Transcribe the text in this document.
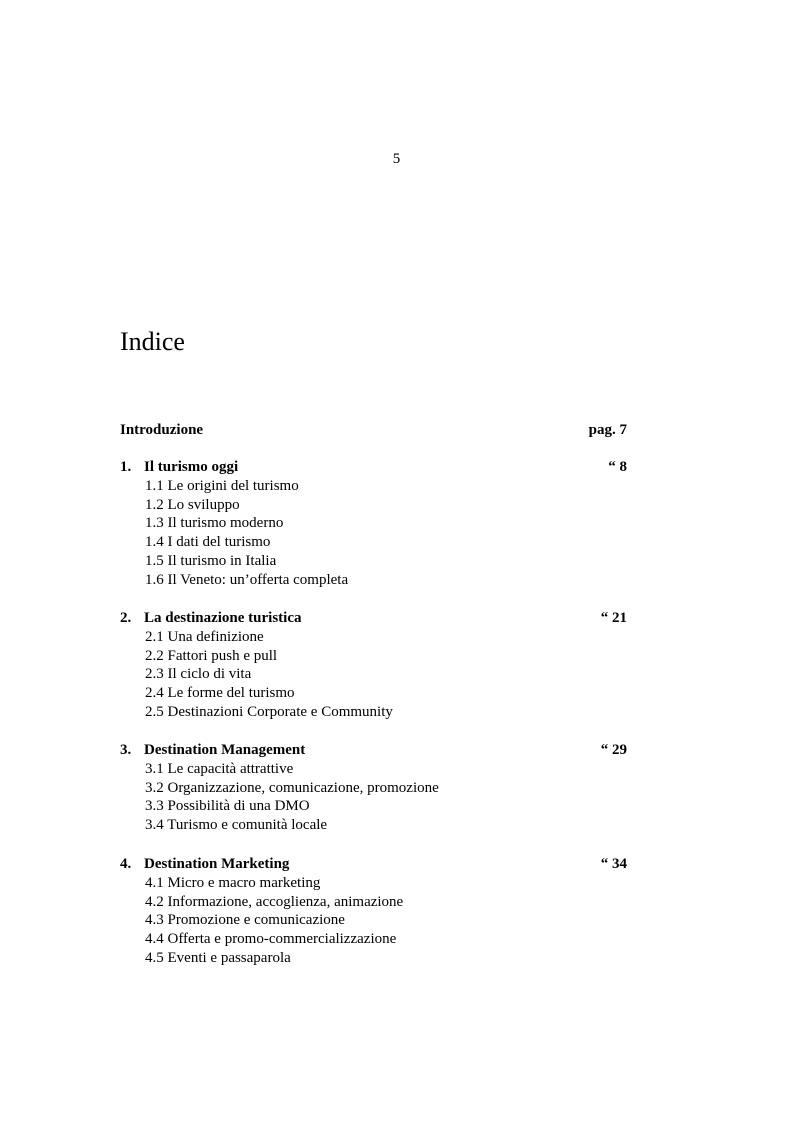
5
Indice
Introduzione	pag. 7
1. Il turismo oggi	“ 8
1.1 Le origini del turismo
1.2 Lo sviluppo
1.3 Il turismo moderno
1.4 I dati del turismo
1.5 Il turismo in Italia
1.6 Il Veneto: un’offerta completa
2. La destinazione turistica	“ 21
2.1 Una definizione
2.2 Fattori push e pull
2.3 Il ciclo di vita
2.4 Le forme del turismo
2.5 Destinazioni Corporate e Community
3. Destination Management	“ 29
3.1 Le capacità attrattive
3.2 Organizzazione, comunicazione, promozione
3.3 Possibilità di una DMO
3.4 Turismo e comunità locale
4. Destination Marketing	“ 34
4.1 Micro e macro marketing
4.2 Informazione, accoglienza, animazione
4.3 Promozione e comunicazione
4.4 Offerta e promo-commercializzazione
4.5 Eventi e passaparola
